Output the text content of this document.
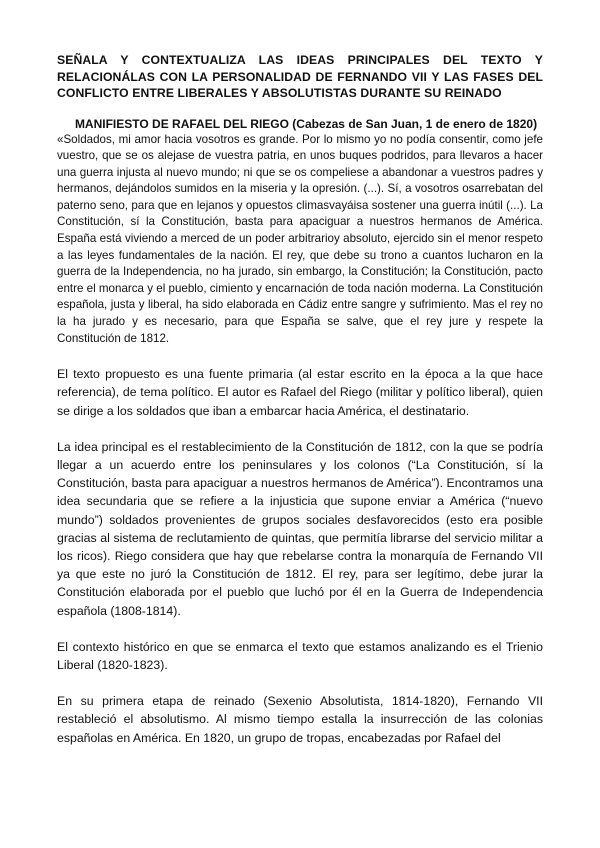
SEÑALA Y CONTEXTUALIZA LAS IDEAS PRINCIPALES DEL TEXTO Y RELACIONÁLAS CON LA PERSONALIDAD DE FERNANDO VII Y LAS FASES DEL CONFLICTO ENTRE LIBERALES Y ABSOLUTISTAS DURANTE SU REINADO

MANIFIESTO DE RAFAEL DEL RIEGO (Cabezas de San Juan, 1 de enero de 1820)

«Soldados, mi amor hacia vosotros es grande. Por lo mismo yo no podía consentir, como jefe vuestro, que se os alejase de vuestra patria, en unos buques podridos, para llevaros a hacer una guerra injusta al nuevo mundo; ni que se os compeliese a abandonar a vuestros padres y hermanos, dejándolos sumidos en la miseria y la opresión. (...). Sí, a vosotros osarrebatan del paterno seno, para que en lejanos y opuestos climasvayáisa sostener una guerra inútil (...). La Constitución, sí la Constitución, basta para apaciguar a nuestros hermanos de América. España está viviendo a merced de un poder arbitrarioy absoluto, ejercido sin el menor respeto a las leyes fundamentales de la nación. El rey, que debe su trono a cuantos lucharon en la guerra de la Independencia, no ha jurado, sin embargo, la Constitución; la Constitución, pacto entre el monarca y el pueblo, cimiento y encarnación de toda nación moderna. La Constitución española, justa y liberal, ha sido elaborada en Cádiz entre sangre y sufrimiento. Mas el rey no la ha jurado y es necesario, para que España se salve, que el rey jure y respete la Constitución de 1812.

El texto propuesto es una fuente primaria (al estar escrito en la época a la que hace referencia), de tema político. El autor es Rafael del Riego (militar y político liberal), quien se dirige a los soldados que iban a embarcar hacia América, el destinatario.

La idea principal es el restablecimiento de la Constitución de 1812, con la que se podría llegar a un acuerdo entre los peninsulares y los colonos (“La Constitución, sí la Constitución, basta para apaciguar a nuestros hermanos de América”). Encontramos una idea secundaria que se refiere a la injusticia que supone enviar a América (“nuevo mundo”) soldados provenientes de grupos sociales desfavorecidos (esto era posible gracias al sistema de reclutamiento de quintas, que permitía librarse del servicio militar a los ricos). Riego considera que hay que rebelarse contra la monarquía de Fernando VII ya que este no juró la Constitución de 1812. El rey, para ser legítimo, debe jurar la Constitución elaborada por el pueblo que luchó por él en la Guerra de Independencia española (1808-1814).

El contexto histórico en que se enmarca el texto que estamos analizando es el Trienio Liberal (1820-1823).

En su primera etapa de reinado (Sexenio Absolutista, 1814-1820), Fernando VII restableció el absolutismo. Al mismo tiempo estalla la insurrección de las colonias españolas en América. En 1820, un grupo de tropas, encabezadas por Rafael del
